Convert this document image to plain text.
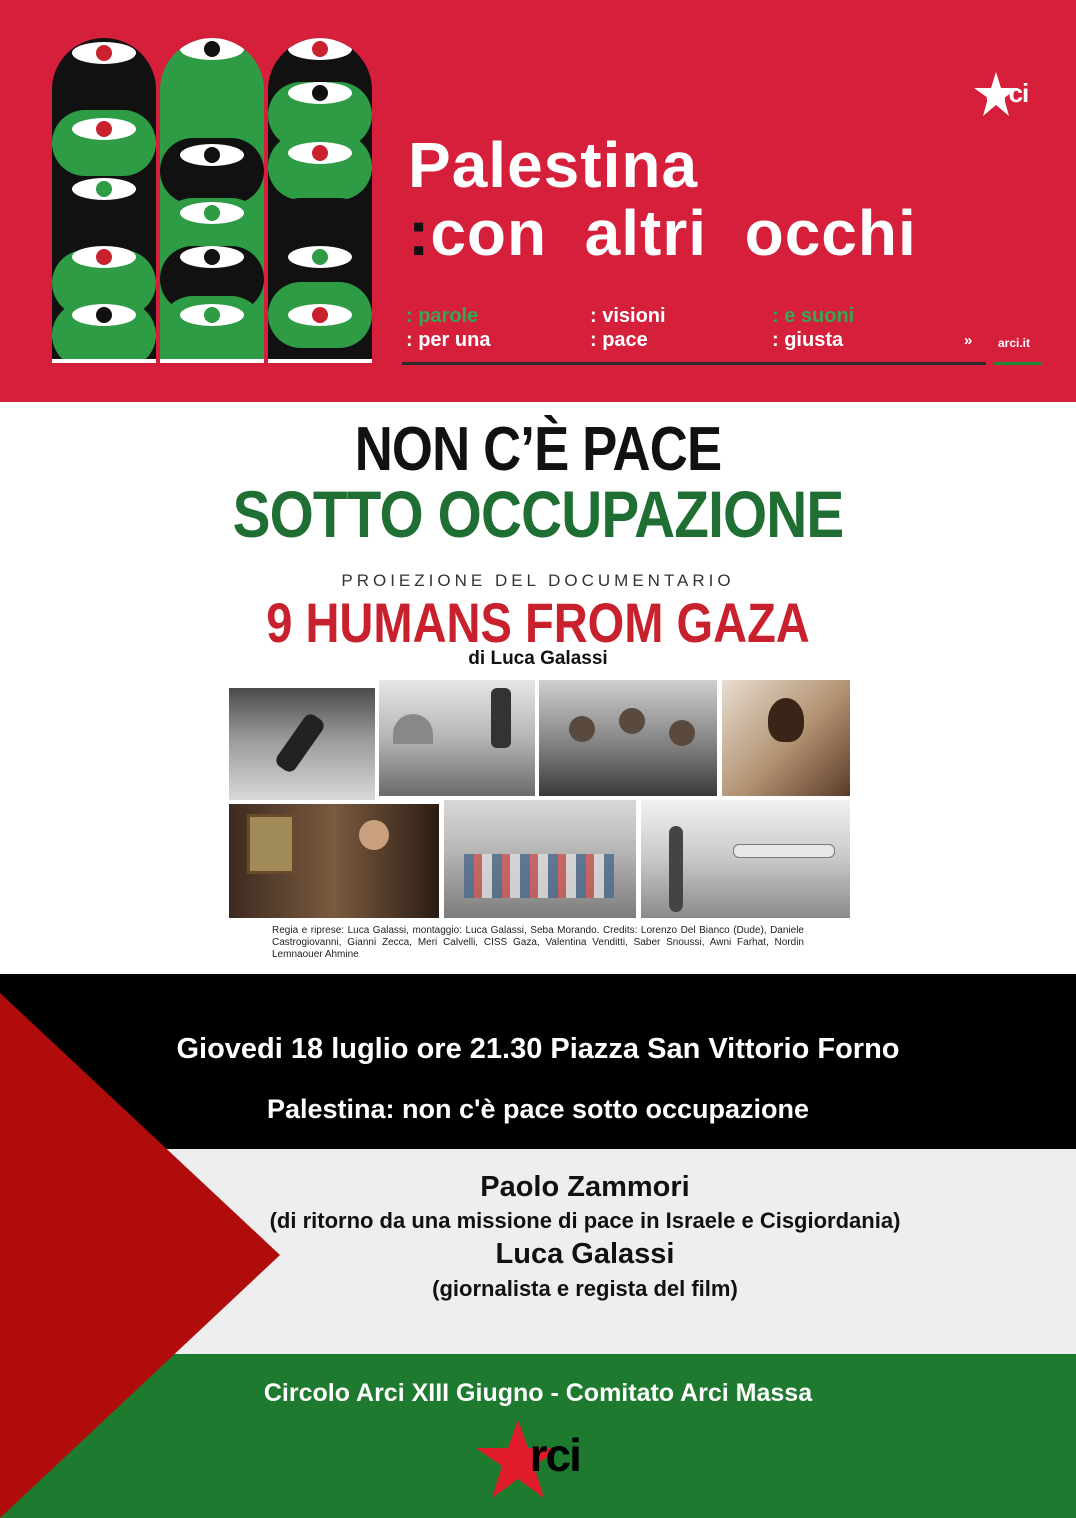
arci
Palestina
:con altri occhi
: parole
: per una
: visioni
: pace
: e suoni
: giusta	» arci.it
NON C’È PACE
SOTTO OCCUPAZIONE
PROIEZIONE DEL DOCUMENTARIO
9 HUMANS FROM GAZA
di Luca Galassi
Regia e riprese: Luca Galassi, montaggio: Luca Galassi, Seba Morando. Credits: Lorenzo Del Bianco (Dude), Daniele Castrogiovanni, Gianni Zecca, Meri Calvelli, CISS Gaza, Valentina Venditti, Saber Snoussi, Awni Farhat, Nordin Lemnaouer Ahmine
Giovedi 18 luglio ore 21.30 Piazza San Vittorio Forno
Palestina: non c'è pace sotto occupazione
Paolo Zammori
(di ritorno da una missione di pace in Israele e Cisgiordania)
Luca Galassi
(giornalista e regista del film)
Circolo Arci XIII Giugno - Comitato Arci Massa
arci
